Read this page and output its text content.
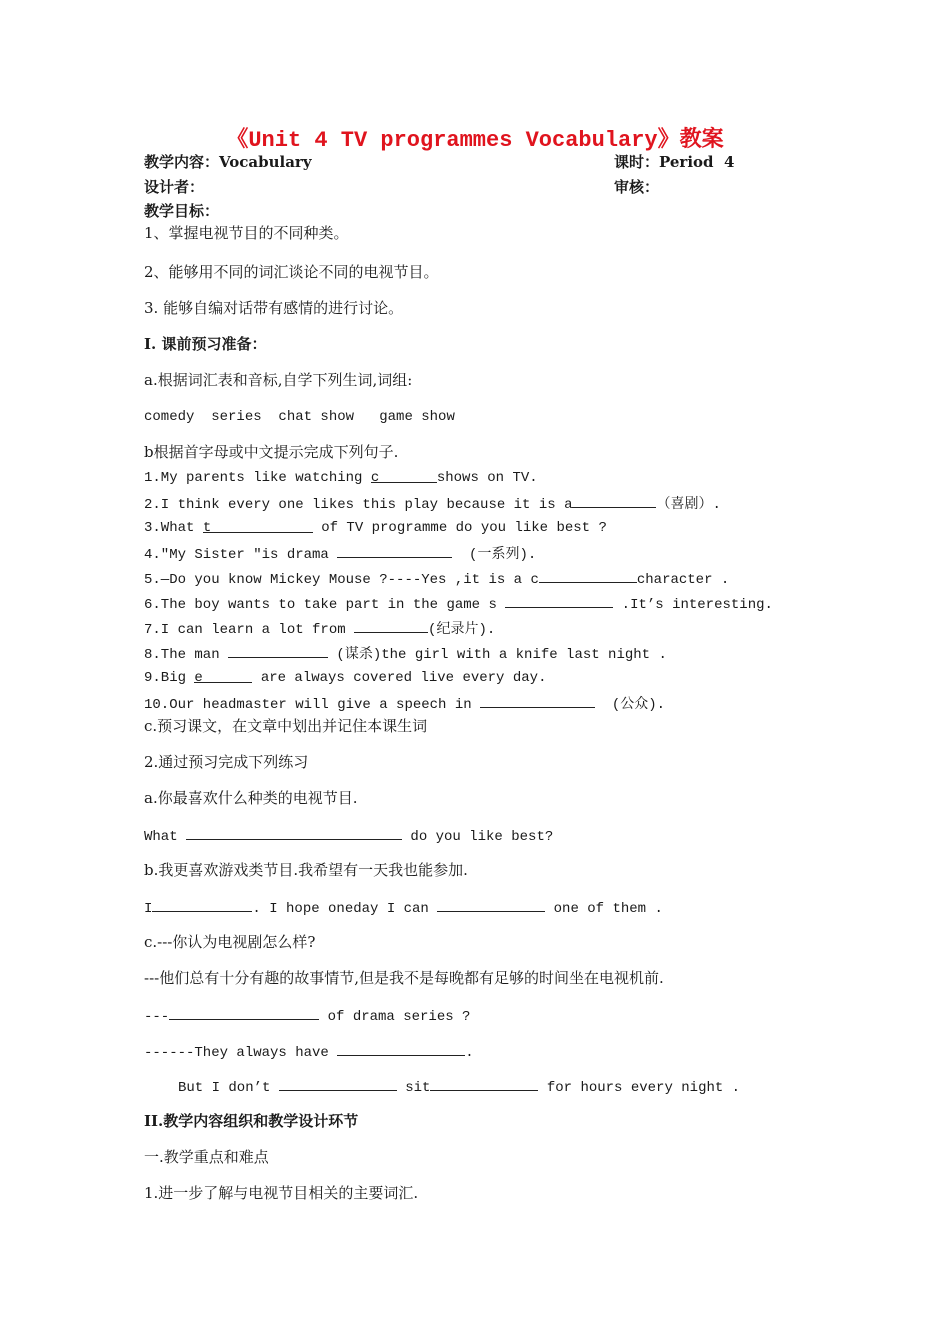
《Unit 4 TV programmes Vocabulary》教案
教学内容：Vocabulary	课时：Period  4
设计者：	审核：
教学目标：
1、掌握电视节目的不同种类。
2、能够用不同的词汇谈论不同的电视节目。
3. 能够自编对话带有感情的进行讨论。
I. 课前预习准备：
a.根据词汇表和音标,自学下列生词,词组:
comedy  series  chat show   game show
b根据首字母或中文提示完成下列句子.
1.My parents like watching c	shows on TV.
2.I think every one likes this play because it is a	（喜剧）.
3.What t	of TV programme do you like best ?
4."My Sister "is drama	(一系列).
5.—Do you know Mickey Mouse ?----Yes ,it is a c	character .
6.The boy wants to take part in the game s	.It’s interesting.
7.I can learn a lot from	(纪录片).
8.The man	(谋杀)the girl with a knife last night .
9.Big e	are always covered live every day.
10.Our headmaster will give a speech in	(公众).
c.预习课文，在文章中划出并记住本课生词
2.通过预习完成下列练习
a.你最喜欢什么种类的电视节目.
What	do you like best?
b.我更喜欢游戏类节目.我希望有一天我也能参加.
I	. I hope oneday I can	one of them .
c.---你认为电视剧怎么样?
---他们总有十分有趣的故事情节,但是我不是每晚都有足够的时间坐在电视机前.
---	of drama series ?
------They always have	.
But I don’t	sit	for hours every night .
II.教学内容组织和教学设计环节
一.教学重点和难点
1.进一步了解与电视节目相关的主要词汇.
